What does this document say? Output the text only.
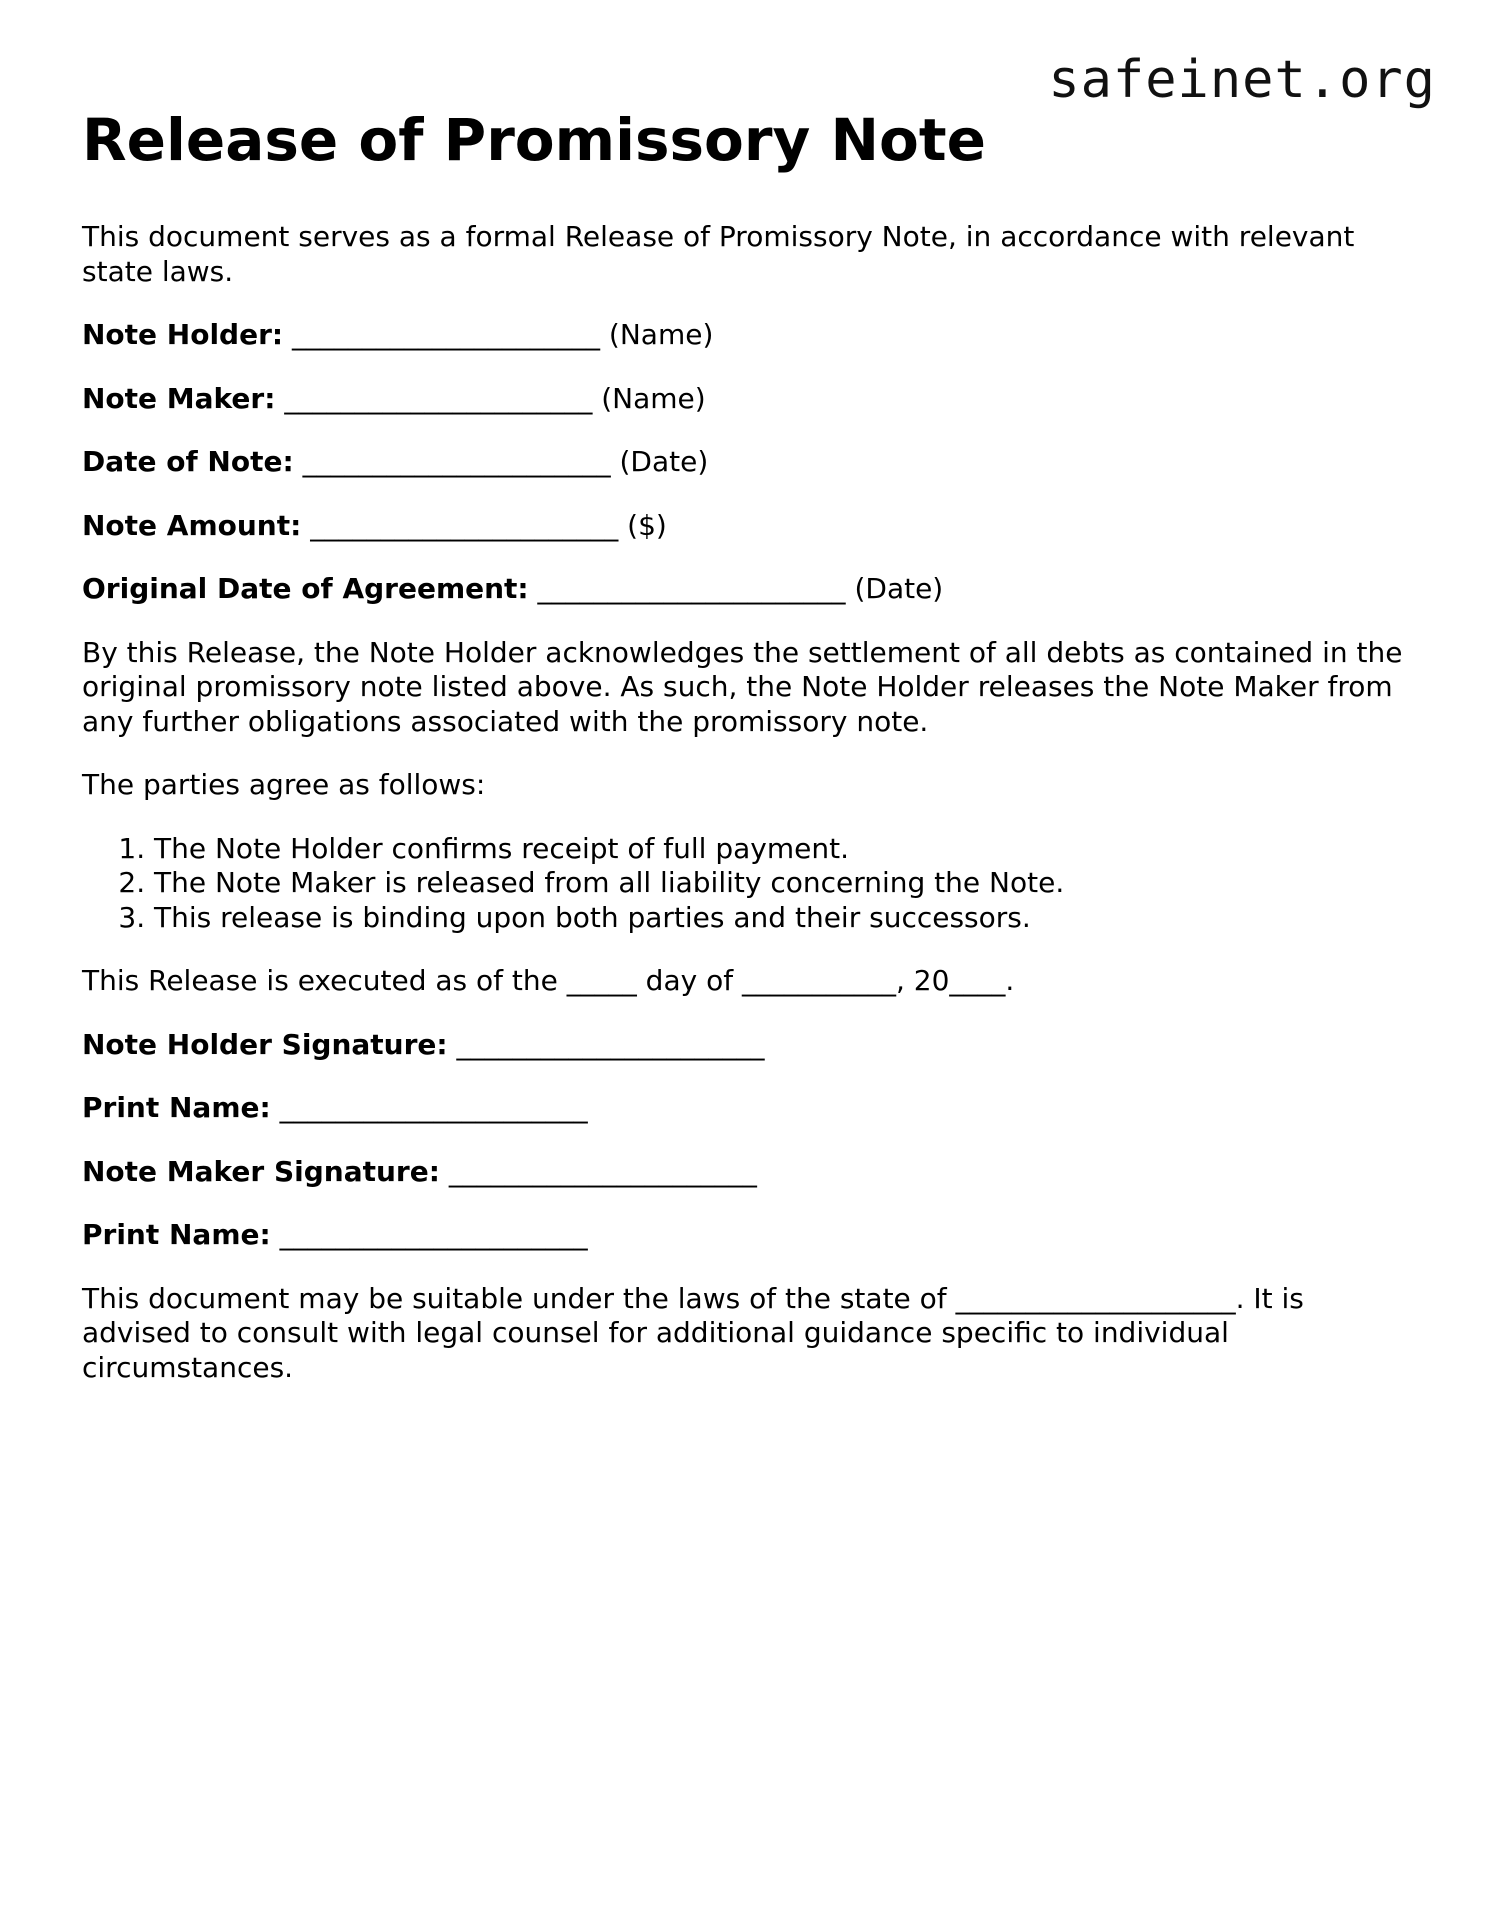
safeinet.org
Release of Promissory Note

This document serves as a formal Release of Promissory Note, in accordance with relevant state laws.

Note Holder: ______________________ (Name)

Note Maker: ______________________ (Name)

Date of Note: ______________________ (Date)

Note Amount: ______________________ ($)

Original Date of Agreement: ______________________ (Date)

By this Release, the Note Holder acknowledges the settlement of all debts as contained in the original promissory note listed above. As such, the Note Holder releases the Note Maker from any further obligations associated with the promissory note.

The parties agree as follows:

1. The Note Holder confirms receipt of full payment.
2. The Note Maker is released from all liability concerning the Note.
3. This release is binding upon both parties and their successors.

This Release is executed as of the _____ day of ___________, 20____.

Note Holder Signature: ______________________

Print Name: ______________________

Note Maker Signature: ______________________

Print Name: ______________________

This document may be suitable under the laws of the state of ____________________. It is advised to consult with legal counsel for additional guidance specific to individual circumstances.
